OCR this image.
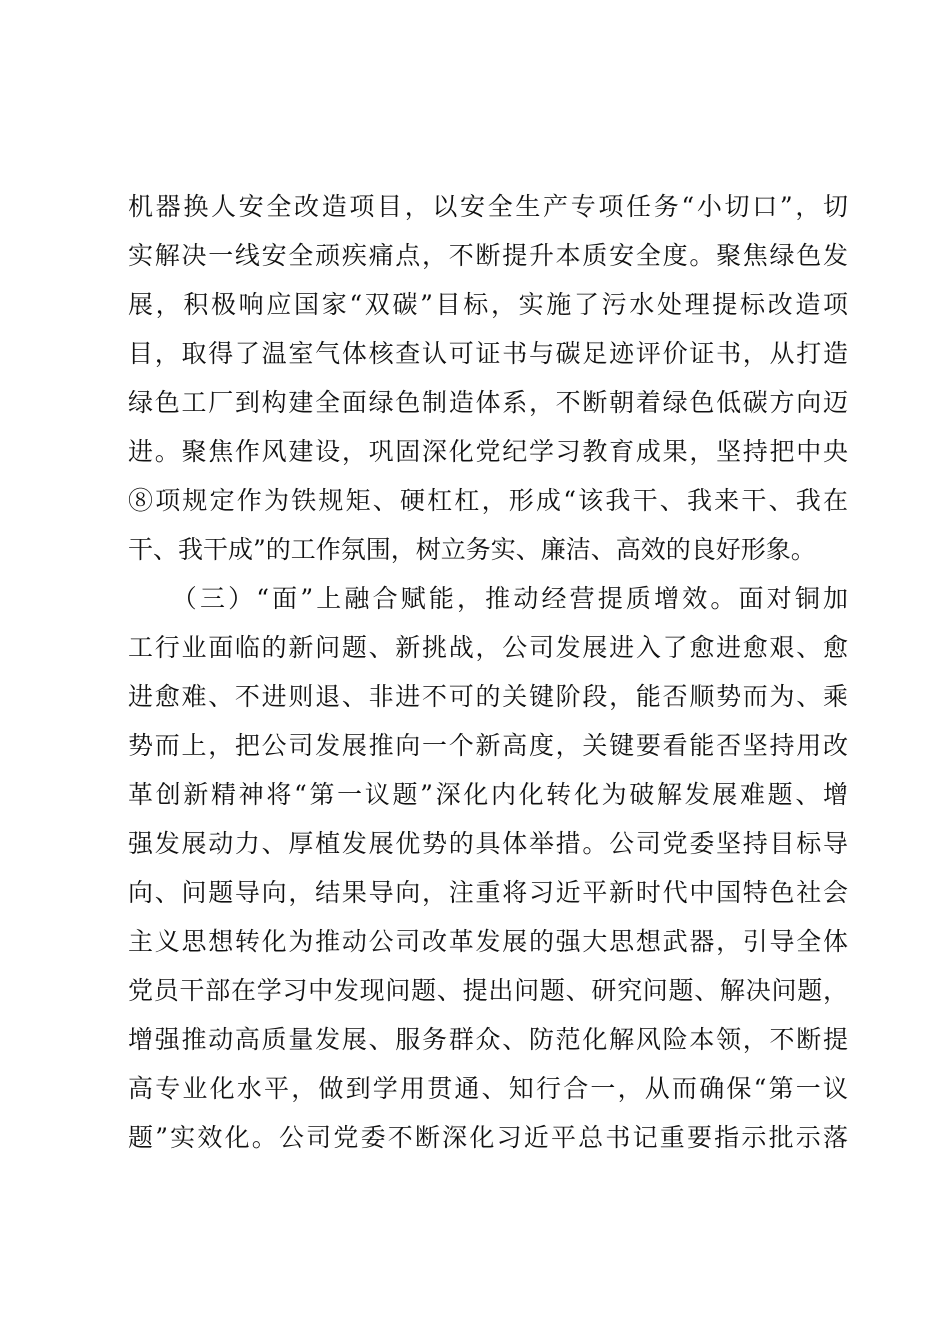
机器换人安全改造项目，以安全生产专项任务“小切口”，切
实解决一线安全顽疾痛点，不断提升本质安全度。聚焦绿色发
展，积极响应国家“双碳”目标，实施了污水处理提标改造项
目，取得了温室气体核查认可证书与碳足迹评价证书，从打造
绿色工厂到构建全面绿色制造体系，不断朝着绿色低碳方向迈
进。聚焦作风建设，巩固深化党纪学习教育成果，坚持把中央
⑧项规定作为铁规矩、硬杠杠，形成“该我干、我来干、我在
干、我干成”的工作氛围，树立务实、廉洁、高效的良好形象。
　　（三）“面”上融合赋能，推动经营提质增效。面对铜加
工行业面临的新问题、新挑战，公司发展进入了愈进愈艰、愈
进愈难、不进则退、非进不可的关键阶段，能否顺势而为、乘
势而上，把公司发展推向一个新高度，关键要看能否坚持用改
革创新精神将“第一议题”深化内化转化为破解发展难题、增
强发展动力、厚植发展优势的具体举措。公司党委坚持目标导
向、问题导向，结果导向，注重将习近平新时代中国特色社会
主义思想转化为推动公司改革发展的强大思想武器，引导全体
党员干部在学习中发现问题、提出问题、研究问题、解决问题，
增强推动高质量发展、服务群众、防范化解风险本领，不断提
高专业化水平，做到学用贯通、知行合一，从而确保“第一议
题”实效化。公司党委不断深化习近平总书记重要指示批示落
